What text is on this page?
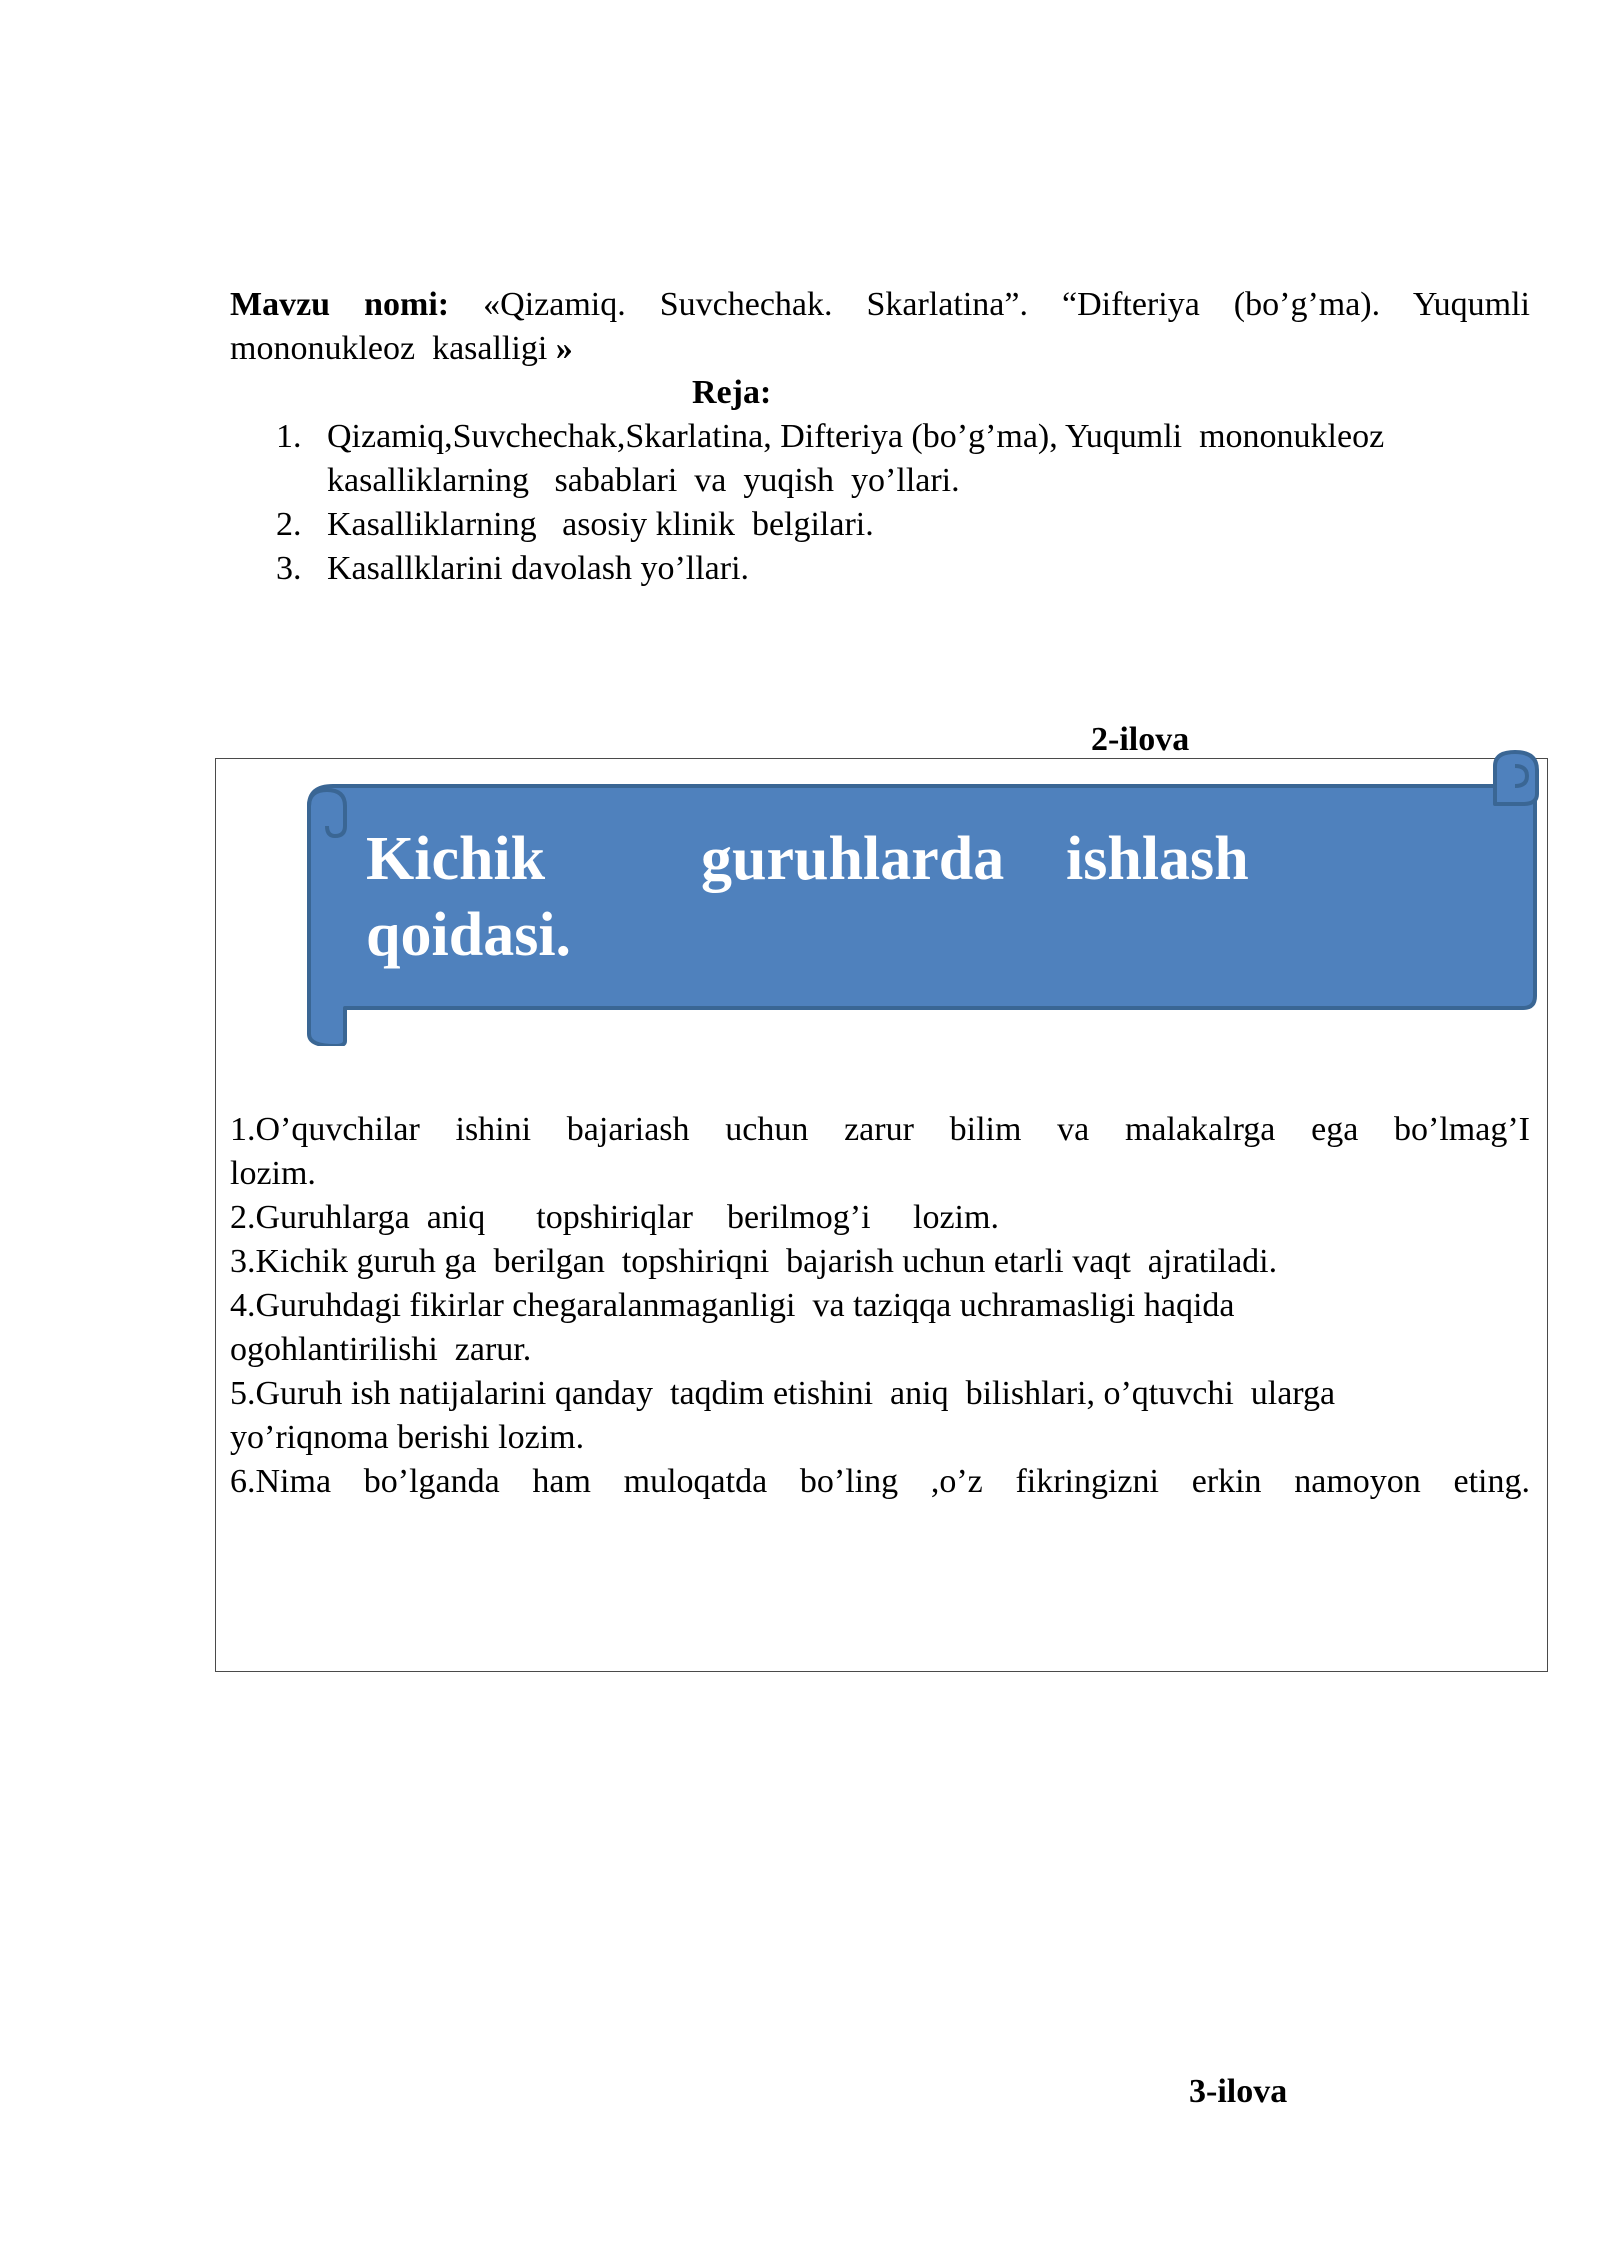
Mavzu nomi: «Qizamiq. Suvchechak. Skarlatina”. “Difteriya (bo’g’ma). Yuqumli
mononukleoz  kasalligi »
Reja:

1.

Qizamiq,Suvchechak,Skarlatina, Difteriya (bo’g’ma), Yuqumli  mononukleoz

kasalliklarning   sabablari  va  yuqish  yo’llari.

2.

Kasalliklarning   asosiy klinik  belgilari.

3.

Kasallklarini davolash yo’llari.

2-ilova
Kichik	guruhlarda ishlash
qoidasi.
1.O’quvchilar ishini bajariash uchun zarur bilim va malakalrga ega bo’lmag’I
lozim.
2.Guruhlarga  aniq      topshiriqlar    berilmog’i     lozim.
3.Kichik guruh ga  berilgan  topshiriqni  bajarish uchun etarli vaqt  ajratiladi.
4.Guruhdagi fikirlar chegaralanmaganligi  va taziqqa uchramasligi haqida
ogohlantirilishi  zarur.
5.Guruh ish natijalarini qanday  taqdim etishini  aniq  bilishlari, o’qtuvchi  ularga
yo’riqnoma berishi lozim.
6.Nima bo’lganda ham muloqatda bo’ling ,o’z fikringizni erkin namoyon eting.
3-ilova
